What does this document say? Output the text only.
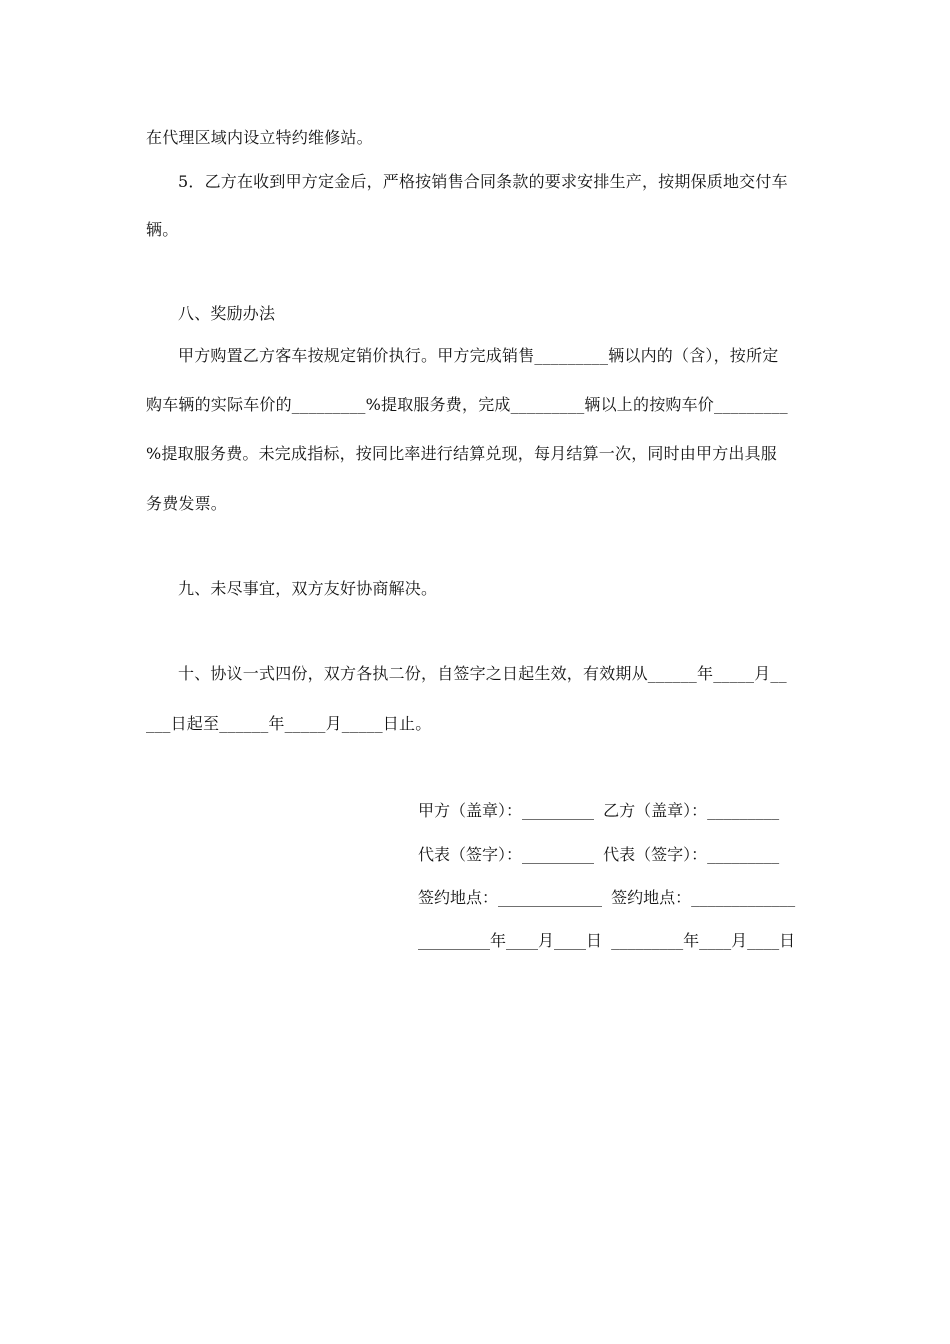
在代理区域内设立特约维修站。
5．乙方在收到甲方定金后，严格按销售合同条款的要求安排生产，按期保质地交付车
辆。
八、奖励办法
甲方购置乙方客车按规定销价执行。甲方完成销售_________辆以内的（含），按所定
购车辆的实际车价的_________%提取服务费，完成_________辆以上的按购车价_________
%提取服务费。未完成指标，按同比率进行结算兑现，每月结算一次，同时由甲方出具服
务费发票。
九、未尽事宜，双方友好协商解决。
十、协议一式四份，双方各执二份，自签字之日起生效，有效期从______年_____月__
___日起至______年_____月_____日止。
甲方（盖章）：_________ 乙方（盖章）：_________
代表（签字）：_________ 代表（签字）：_________
签约地点：_____________ 签约地点：_____________
_________年____月____日 _________年____月____日
